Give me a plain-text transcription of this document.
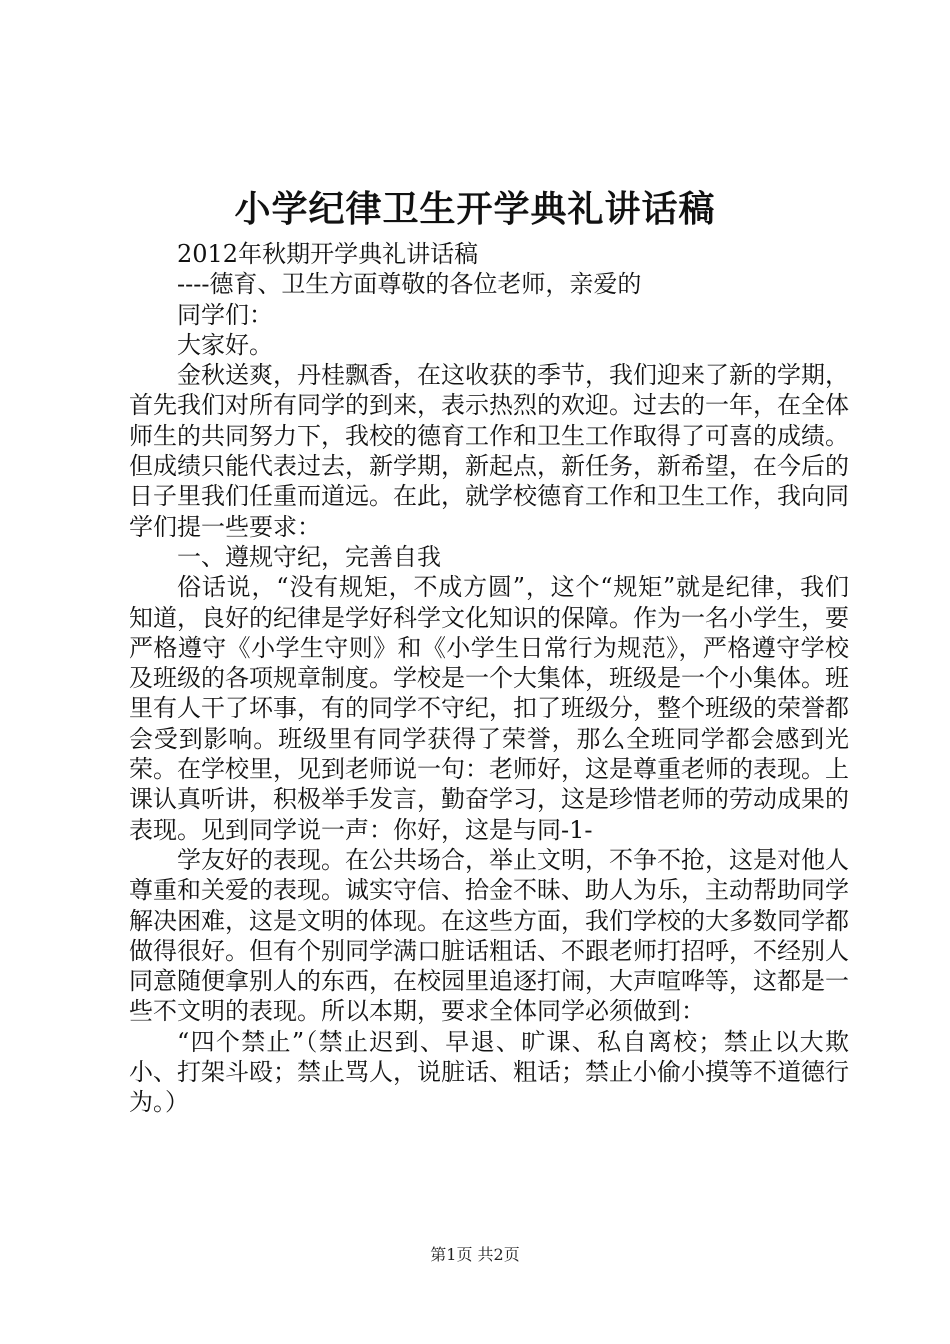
小学纪律卫生开学典礼讲话稿

2012年秋期开学典礼讲话稿

----德育、卫生方面尊敬的各位老师，亲爱的

同学们：

大家好。

金秋送爽，丹桂飘香，在这收获的季节，我们迎来了新的学期，首先我们对所有同学的到来，表示热烈的欢迎。过去的一年，在全体师生的共同努力下，我校的德育工作和卫生工作取得了可喜的成绩。但成绩只能代表过去，新学期，新起点，新任务，新希望，在今后的日子里我们任重而道远。在此，就学校德育工作和卫生工作，我向同学们提一些要求：

一、遵规守纪，完善自我

俗话说，“没有规矩，不成方圆”，这个“规矩”就是纪律，我们知道，良好的纪律是学好科学文化知识的保障。作为一名小学生，要严格遵守《小学生守则》和《小学生日常行为规范》，严格遵守学校及班级的各项规章制度。学校是一个大集体，班级是一个小集体。班里有人干了坏事，有的同学不守纪，扣了班级分，整个班级的荣誉都会受到影响。班级里有同学获得了荣誉，那么全班同学都会感到光荣。在学校里，见到老师说一句：老师好，这是尊重老师的表现。上课认真听讲，积极举手发言，勤奋学习，这是珍惜老师的劳动成果的表现。见到同学说一声：你好，这是与同-1-

学友好的表现。在公共场合，举止文明，不争不抢，这是对他人尊重和关爱的表现。诚实守信、拾金不昧、助人为乐，主动帮助同学解决困难，这是文明的体现。在这些方面，我们学校的大多数同学都做得很好。但有个别同学满口脏话粗话、不跟老师打招呼，不经别人同意随便拿别人的东西，在校园里追逐打闹，大声喧哗等，这都是一些不文明的表现。所以本期，要求全体同学必须做到：

“四个禁止”（禁止迟到、早退、旷课、私自离校；禁止以大欺小、打架斗殴；禁止骂人，说脏话、粗话；禁止小偷小摸等不道德行为。）

第1页 共2页
